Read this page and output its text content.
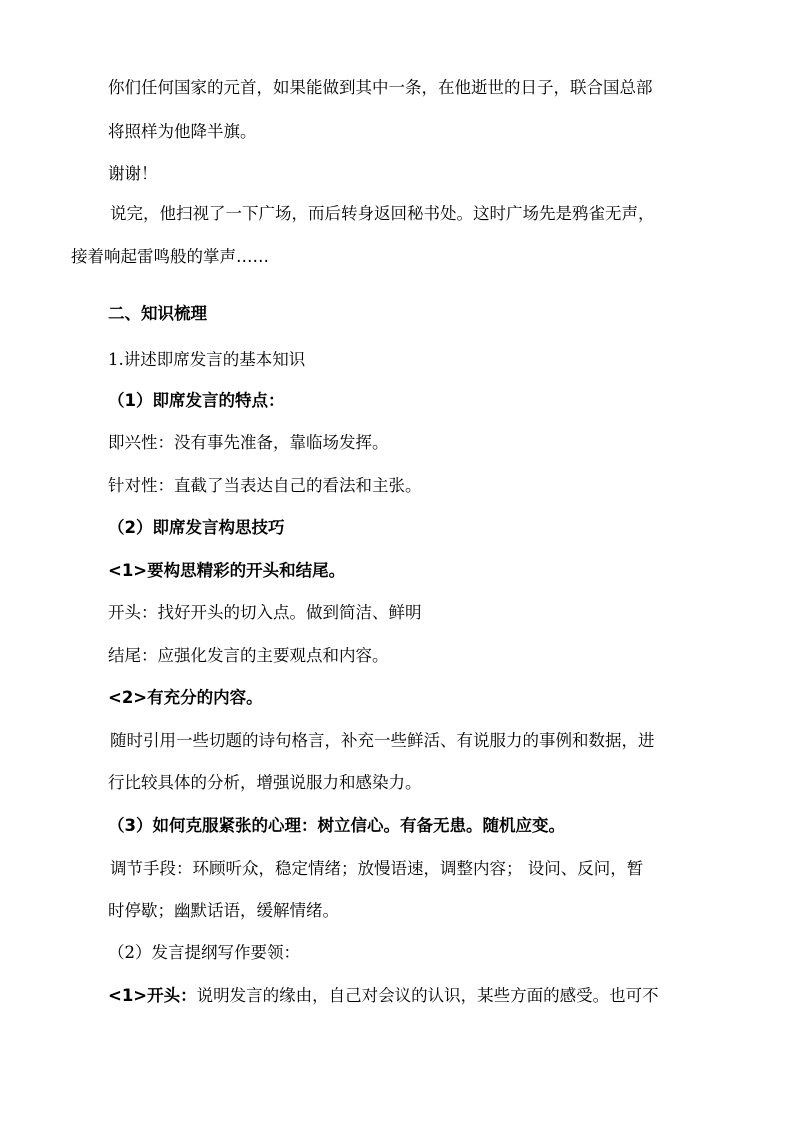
你们任何国家的元首，如果能做到其中一条，在他逝世的日子，联合国总部
将照样为他降半旗。
谢谢！
说完，他扫视了一下广场，而后转身返回秘书处。这时广场先是鸦雀无声，
接着响起雷鸣般的掌声……
二、知识梳理
1.讲述即席发言的基本知识
（1）即席发言的特点：
即兴性：没有事先准备，靠临场发挥。
针对性：直截了当表达自己的看法和主张。
（2）即席发言构思技巧
<1>要构思精彩的开头和结尾。
开头：找好开头的切入点。做到简洁、鲜明
结尾：应强化发言的主要观点和内容。
<2>有充分的内容。
随时引用一些切题的诗句格言，补充一些鲜活、有说服力的事例和数据，进
行比较具体的分析，增强说服力和感染力。
（3）如何克服紧张的心理：树立信心。有备无患。随机应变。
调节手段：环顾听众，稳定情绪；放慢语速，调整内容； 设问、反问，暂
时停歇；幽默话语，缓解情绪。
（2）发言提纲写作要领：
<1>开头：说明发言的缘由，自己对会议的认识，某些方面的感受。也可不
